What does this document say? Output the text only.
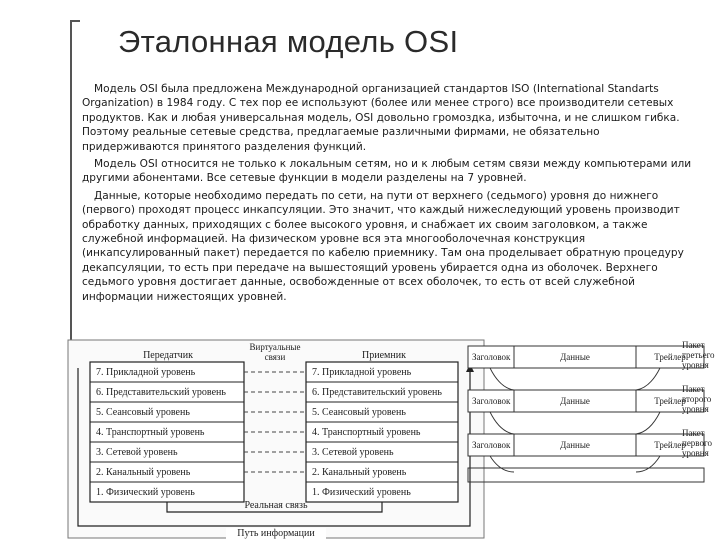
Эталонная модель OSI

Модель OSI была предложена Международной организацией стандартов ISO (International Standarts Organization) в 1984 году. С тех пор ее используют (более или менее строго) все производители сетевых продуктов. Как и любая универсальная модель, OSI довольно громоздка, избыточна, и не слишком гибка. Поэтому реальные сетевые средства, предлагаемые различными фирмами, не обязательно придерживаются принятого разделения функций.

Модель OSI относится не только к локальным сетям, но и к любым сетям связи между компьютерами или другими абонентами. Все сетевые функции в модели разделены на 7 уровней.

Данные, которые необходимо передать по сети, на пути от верхнего (седьмого) уровня до нижнего (первого) проходят процесс инкапсуляции. Это значит, что каждый нижеследующий уровень производит обработку данных, приходящих с более высокого уровня, и снабжает их своим заголовком, а также служебной информацией. На физическом уровне вся эта многооболочечная конструкция (инкапсулированный пакет) передается по кабелю приемнику. Там она проделывает обратную процедуру декапсуляции, то есть при передаче на вышестоящий уровень убирается одна из оболочек. Верхнего седьмого уровня достигает данные, освобожденные от всех оболочек, то есть от всей служебной информации нижестоящих уровней.

Передатчик	Приемник
Виртуальные связи
7. Прикладной уровень
6. Представительский уровень
5. Сеансовый уровень
4. Транспортный уровень
3. Сетевой уровень
2. Канальный уровень
1. Физический уровень
7. Прикладной уровень
6. Представительский уровень
5. Сеансовый уровень
4. Транспортный уровень
3. Сетевой уровень
2. Канальный уровень
1. Физический уровень
Реальная связь
Путь информации
Заголовок	Данные	Трейлер
Пакет третьего уровня
Заголовок	Данные	Трейлер
Пакет второго уровня
Заголовок	Данные	Трейлер
Пакет первого уровня
